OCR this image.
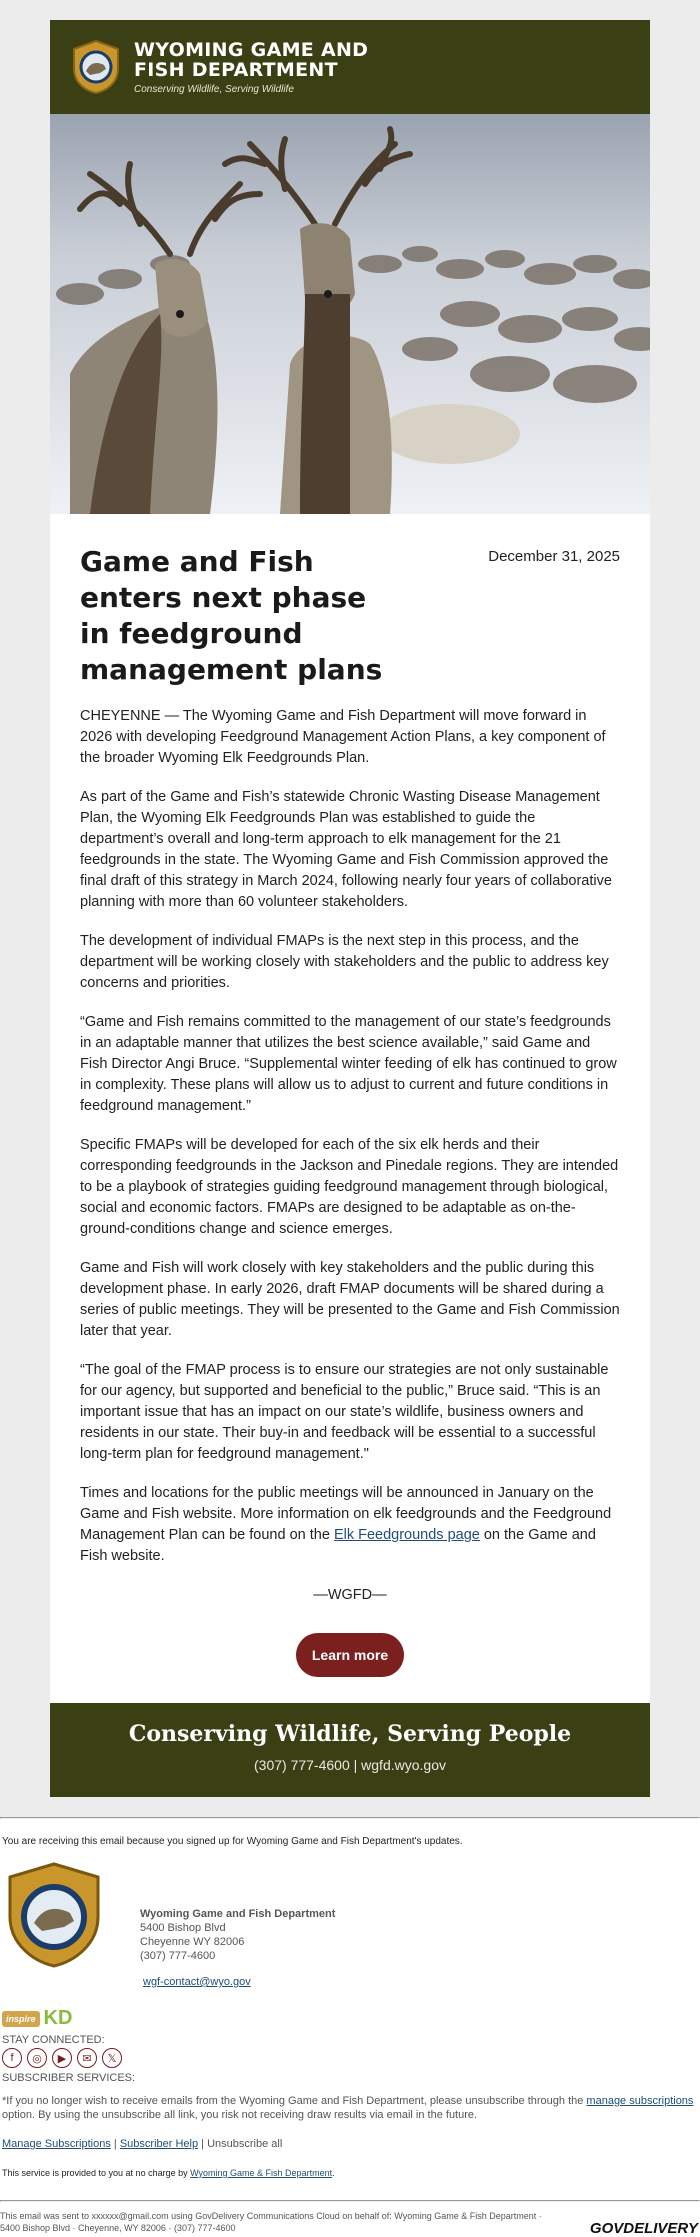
WYOMING GAME AND
FISH DEPARTMENT
Conserving Wildlife, Serving Wildlife
Game and Fish enters next phase in feedground management plans
December 31, 2025

CHEYENNE — The Wyoming Game and Fish Department will move forward in 2026 with developing Feedground Management Action Plans, a key component of the broader Wyoming Elk Feedgrounds Plan.

As part of the Game and Fish’s statewide Chronic Wasting Disease Management Plan, the Wyoming Elk Feedgrounds Plan was established to guide the department’s overall and long-term approach to elk management for the 21 feedgrounds in the state. The Wyoming Game and Fish Commission approved the final draft of this strategy in March 2024, following nearly four years of collaborative planning with more than 60 volunteer stakeholders.

The development of individual FMAPs is the next step in this process, and the department will be working closely with stakeholders and the public to address key concerns and priorities.

“Game and Fish remains committed to the management of our state’s feedgrounds in an adaptable manner that utilizes the best science available,” said Game and Fish Director Angi Bruce. “Supplemental winter feeding of elk has continued to grow in complexity. These plans will allow us to adjust to current and future conditions in feedground management.”

Specific FMAPs will be developed for each of the six elk herds and their corresponding feedgrounds in the Jackson and Pinedale regions. They are intended to be a playbook of strategies guiding feedground management through biological, social and economic factors. FMAPs are designed to be adaptable as on-the-ground-conditions change and science emerges.

Game and Fish will work closely with key stakeholders and the public during this development phase. In early 2026, draft FMAP documents will be shared during a series of public meetings. They will be presented to the Game and Fish Commission later that year.

“The goal of the FMAP process is to ensure our strategies are not only sustainable for our agency, but supported and beneficial to the public,” Bruce said. “This is an important issue that has an impact on our state’s wildlife, business owners and residents in our state. Their buy-in and feedback will be essential to a successful long-term plan for feedground management."

Times and locations for the public meetings will be announced in January on the Game and Fish website. More information on elk feedgrounds and the Feedground Management Plan can be found on the Elk Feedgrounds page on the Game and Fish website.

—WGFD—
Learn more
Conserving Wildlife, Serving People
(307) 777-4600 | wgfd.wyo.gov
You are receiving this email because you signed up for Wyoming Game and Fish Department's updates.
Wyoming Game and Fish Department
5400 Bishop Blvd
Cheyenne WY 82006
(307) 777-4600
wgf-contact@wyo.gov
inspire KD
STAY CONNECTED:
f	◎	▶	✉	𝕏
SUBSCRIBER SERVICES:
*If you no longer wish to receive emails from the Wyoming Game and Fish Department, please unsubscribe through the manage subscriptions option. By using the unsubscribe all link, you risk not receiving draw results via email in the future.
Manage Subscriptions | Subscriber Help | Unsubscribe all
This service is provided to you at no charge by Wyoming Game & Fish Department.
This email was sent to xxxxxx@gmail.com using GovDelivery Communications Cloud on behalf of: Wyoming Game & Fish Department · 5400 Bishop Blvd · Cheyenne, WY 82006 · (307) 777-4600	GOVDELIVERY
